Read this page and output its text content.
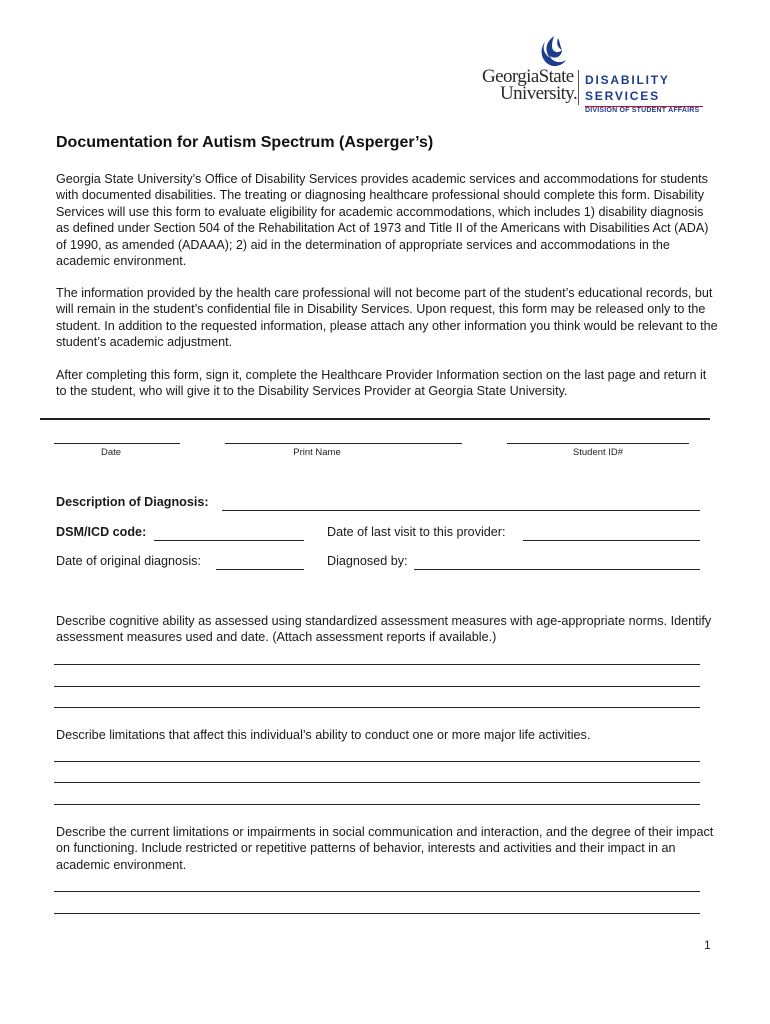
GeorgiaState
University.
DISABILITY
SERVICES
DIVISION OF STUDENT AFFAIRS
Documentation for Autism Spectrum (Asperger’s)
Georgia State University’s Office of Disability Services provides academic services and accommodations for students with documented disabilities. The treating or diagnosing healthcare professional should complete this form. Disability Services will use this form to evaluate eligibility for academic accommodations, which includes 1) disability diagnosis as defined under Section 504 of the Rehabilitation Act of 1973 and Title II of the Americans with Disabilities Act (ADA) of 1990, as amended (ADAAA); 2) aid in the determination of appropriate services and accommodations in the academic environment.
The information provided by the health care professional will not become part of the student’s educational records, but will remain in the student’s confidential file in Disability Services. Upon request, this form may be released only to the student. In addition to the requested information, please attach any other information you think would be relevant to the student’s academic adjustment.
After completing this form, sign it, complete the Healthcare Provider Information section on the last page and return it to the student, who will give it to the Disability Services Provider at Georgia State University.
Date	Print Name	Student ID#
Description of Diagnosis:
DSM/ICD code:	Date of last visit to this provider:
Date of original diagnosis:	Diagnosed by:
Describe cognitive ability as assessed using standardized assessment measures with age-appropriate norms. Identify assessment measures used and date. (Attach assessment reports if available.)
Describe limitations that affect this individual’s ability to conduct one or more major life activities.
Describe the current limitations or impairments in social communication and interaction, and the degree of their impact on functioning. Include restricted or repetitive patterns of behavior, interests and activities and their impact in an academic environment.
1
